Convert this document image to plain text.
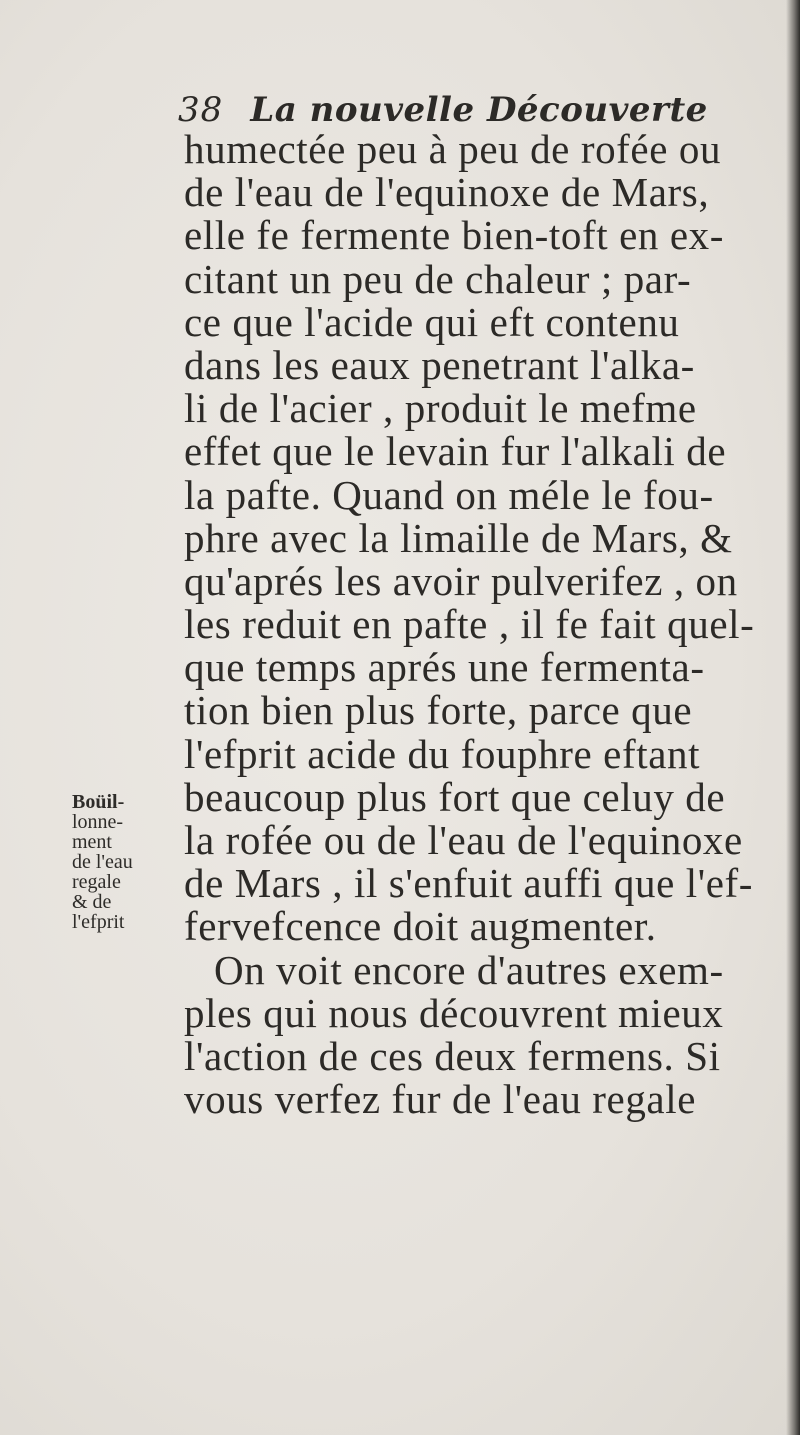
38 La nouvelle Découverte
humectée peu à peu de rofée ou
de l'eau de l'equinoxe de Mars,
elle fe fermente bien-toft en ex-
citant un peu de chaleur ; par-
ce que l'acide qui eft contenu
dans les eaux penetrant l'alka-
li de l'acier , produit le mefme
effet que le levain fur l'alkali de
la pafte. Quand on méle le fou-
phre avec la limaille de Mars, &
qu'aprés les avoir pulverifez , on
les reduit en pafte , il fe fait quel-
que temps aprés une fermenta-
tion bien plus forte, parce que
l'efprit acide du fouphre eftant
beaucoup plus fort que celuy de
la rofée ou de l'eau de l'equinoxe
de Mars , il s'enfuit auffi que l'ef-
fervefcence doit augmenter.
On voit encore d'autres exem-
ples qui nous découvrent mieux
l'action de ces deux fermens. Si
vous verfez fur de l'eau regale
Boüil-
lonne-
ment
de l'eau
regale
& de
l'efprit
